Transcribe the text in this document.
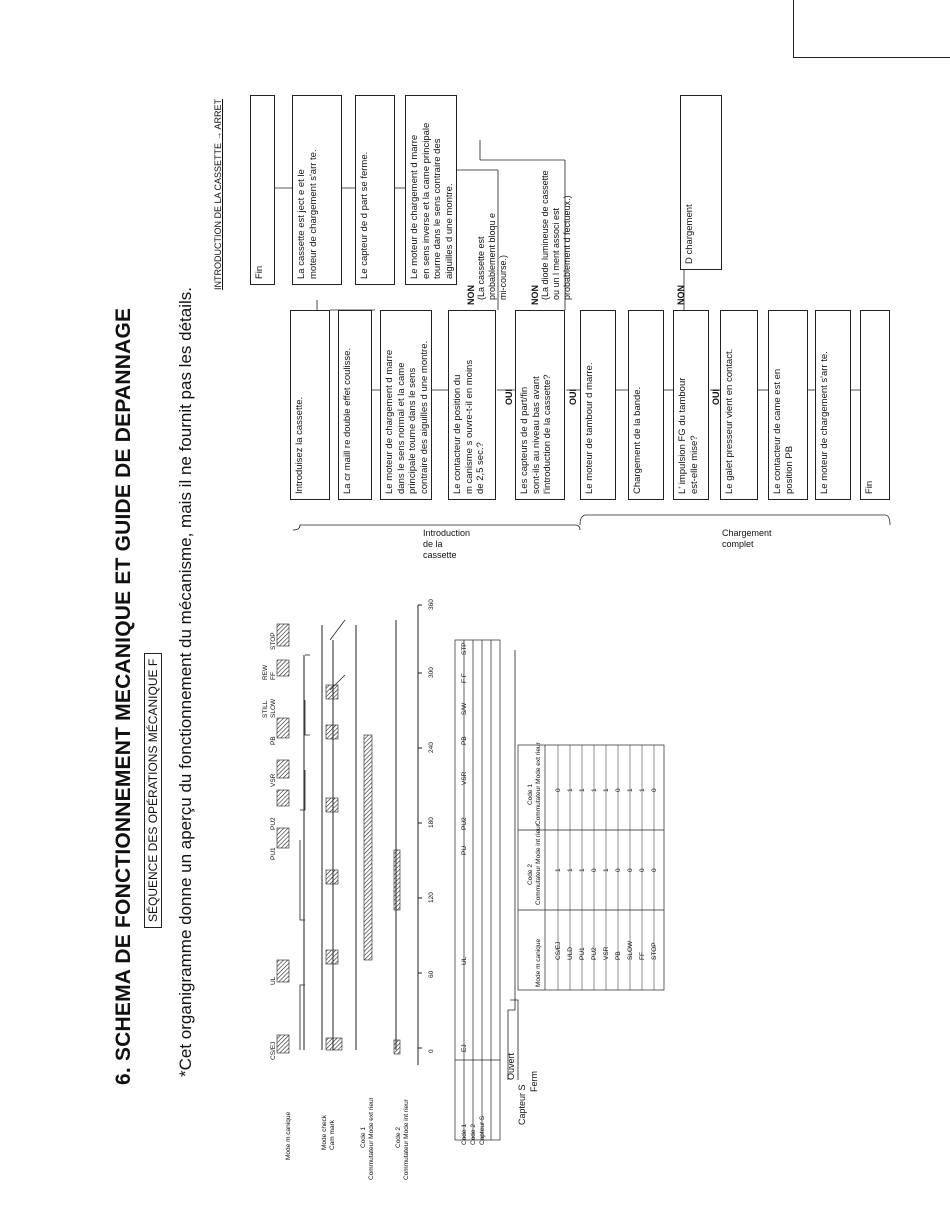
6. SCHEMA DE FONCTIONNEMENT MECANIQUE ET GUIDE DE DEPANNAGE SÉQUENCE DES OPÉRATIONS MÉCANIQUE F *Cet organigramme donne un aperçu du fonctionnement du mécanisme, mais il ne fournit pas les détails.
INTRODUCTION DE LA CASSETTE → ARRET
0
60
120
180
240
300
360
Mode m canique	Mode check Cam mark	Code 1 Commutateur Mode ext rieur	Code 2 Commutateur Mode int rieur
CS/EJ
UL
PU1
PU2
VSR
PB
STILL SLOW
REW FF
STOP
Code 1 Code 2 Capteur S
EJ
UL
PU
PU2
VSR
PB
S/W
F F
STP
Capteur S
Ouvert
Ferm
Mode m canique
Code 2 Commutateur Mode int rieur
Code 1 Commutateur Mode ext rieur
CS/EJ
1
0
ULD
1
1
PU1
1
1
PU2
0
1
VSR
1
1
PB
0
0
SLOW
0
1
FF
0
1
STOP
0
0
Introduisez la cassette.	La cr maill re double effet coulisse.	Le moteur de chargement d marre
dans le sens normal et la came
principale tourne dans le sens
contraire des aiguilles d une montre. Le contacteur de position du
m canisme s ouvre-t-il en moins
de 2,5 sec.?	Les capteurs de d part/fin
sont-ils au niveau bas avant
l'introduction de la cassette?	Le moteur de tambour d marre.	Chargement de la bande.	L' impulsion FG du tambour
est-elle mise?	Le galet presseur vient en contact.	Le contacteur de came est en
position PB	Le moteur de chargement s'arr te.	Fin
Fin	La cassette est ject e et le
moteur de chargement s'arr te.	Le capteur de d part se ferme.	Le moteur de chargement d marre
en sens inverse et la came principale
tourne dans le sens contraire des
aiguilles d une montre.	D chargement
NON
OUI
NON
OUI
NON
OUI
(La cassette est
probablement bloqu e
mi-course.)	(La diode lumineuse de cassette
ou un l ment associ est
probablement d fectueux.)
Introduction
de la
cassette
Chargement
complet
